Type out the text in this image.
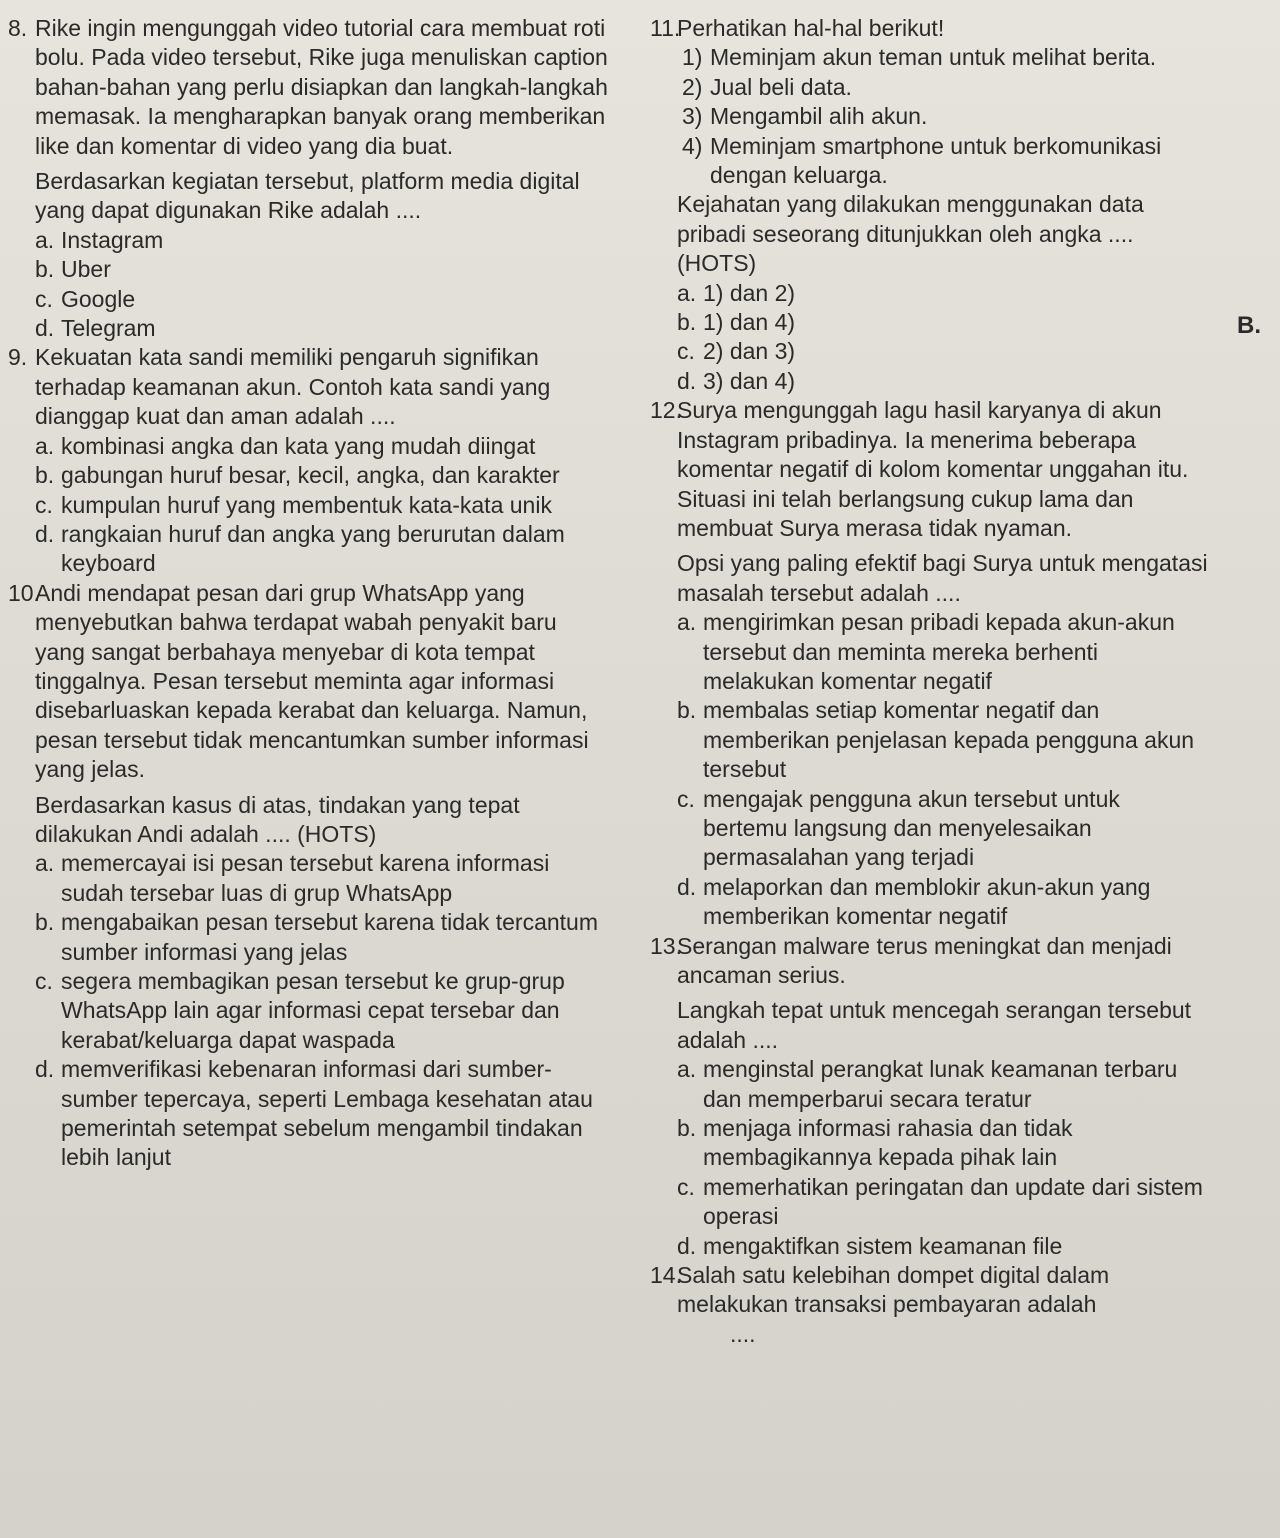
B.
8. Rike ingin mengunggah video tutorial cara membuat roti bolu. Pada video tersebut, Rike juga menuliskan caption bahan-bahan yang perlu disiapkan dan langkah-langkah memasak. Ia mengharapkan banyak orang memberikan like dan komentar di video yang dia buat.
Berdasarkan kegiatan tersebut, platform media digital yang dapat digunakan Rike adalah ....
a. Instagram
b. Uber
c. Google
d. Telegram
9. Kekuatan kata sandi memiliki pengaruh signifikan terhadap keamanan akun. Contoh kata sandi yang dianggap kuat dan aman adalah ....
a. kombinasi angka dan kata yang mudah diingat
b. gabungan huruf besar, kecil, angka, dan karakter
c. kumpulan huruf yang membentuk kata-kata unik
d. rangkaian huruf dan angka yang berurutan dalam keyboard
10.Andi mendapat pesan dari grup WhatsApp yang menyebutkan bahwa terdapat wabah penyakit baru yang sangat berbahaya menyebar di kota tempat tinggalnya. Pesan tersebut meminta agar informasi disebarluaskan kepada kerabat dan keluarga. Namun, pesan tersebut tidak mencantumkan sumber informasi yang jelas.
Berdasarkan kasus di atas, tindakan yang tepat dilakukan Andi adalah .... (HOTS)
a. memercayai isi pesan tersebut karena informasi sudah tersebar luas di grup WhatsApp
b. mengabaikan pesan tersebut karena tidak tercantum sumber informasi yang jelas
c. segera membagikan pesan tersebut ke grup-grup WhatsApp lain agar informasi cepat tersebar dan kerabat/keluarga dapat waspada
d. memverifikasi kebenaran informasi dari sumber-sumber tepercaya, seperti Lembaga kesehatan atau pemerintah setempat sebelum mengambil tindakan lebih lanjut
11.Perhatikan hal-hal berikut!
1) Meminjam akun teman untuk melihat berita.
2) Jual beli data.
3) Mengambil alih akun.
4) Meminjam smartphone untuk berkomunikasi dengan keluarga.
Kejahatan yang dilakukan menggunakan data pribadi seseorang ditunjukkan oleh angka .... (HOTS)
a. 1) dan 2)
b. 1) dan 4)
c. 2) dan 3)
d. 3) dan 4)
12.Surya mengunggah lagu hasil karyanya di akun Instagram pribadinya. Ia menerima beberapa komentar negatif di kolom komentar unggahan itu. Situasi ini telah berlangsung cukup lama dan membuat Surya merasa tidak nyaman.
Opsi yang paling efektif bagi Surya untuk mengatasi masalah tersebut adalah ....
a. mengirimkan pesan pribadi kepada akun-akun tersebut dan meminta mereka berhenti melakukan komentar negatif
b. membalas setiap komentar negatif dan memberikan penjelasan kepada pengguna akun tersebut
c. mengajak pengguna akun tersebut untuk bertemu langsung dan menyelesaikan permasalahan yang terjadi
d. melaporkan dan memblokir akun-akun yang memberikan komentar negatif
13.Serangan malware terus meningkat dan menjadi ancaman serius.
Langkah tepat untuk mencegah serangan tersebut adalah ....
a. menginstal perangkat lunak keamanan terbaru dan memperbarui secara teratur
b. menjaga informasi rahasia dan tidak membagikannya kepada pihak lain
c. memerhatikan peringatan dan update dari sistem operasi
d. mengaktifkan sistem keamanan file
14.Salah satu kelebihan dompet digital dalam melakukan transaksi pembayaran adalah
....
